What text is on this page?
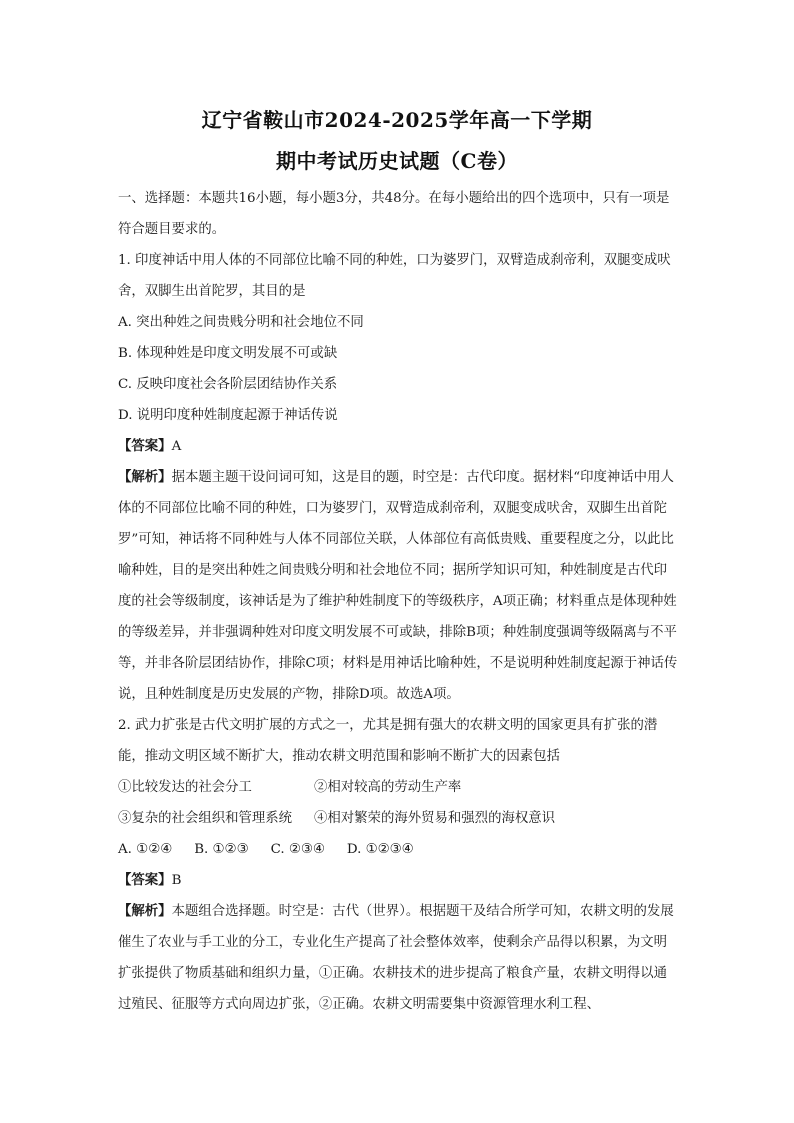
辽宁省鞍山市2024-2025学年高一下学期
期中考试历史试题（C卷）

一、选择题：本题共16小题，每小题3分，共48分。在每小题给出的四个选项中，只有一项是符合题目要求的。

1. 印度神话中用人体的不同部位比喻不同的种姓，口为婆罗门，双臂造成刹帝利，双腿变成吠舍，双脚生出首陀罗，其目的是

A. 突出种姓之间贵贱分明和社会地位不同

B. 体现种姓是印度文明发展不可或缺

C. 反映印度社会各阶层团结协作关系

D. 说明印度种姓制度起源于神话传说

【答案】A

【解析】据本题主题干设问词可知，这是目的题，时空是：古代印度。据材料“印度神话中用人体的不同部位比喻不同的种姓，口为婆罗门，双臂造成刹帝利，双腿变成吠舍，双脚生出首陀罗”可知，神话将不同种姓与人体不同部位关联，人体部位有高低贵贱、重要程度之分，以此比喻种姓，目的是突出种姓之间贵贱分明和社会地位不同；据所学知识可知，种姓制度是古代印度的社会等级制度，该神话是为了维护种姓制度下的等级秩序，A项正确；材料重点是体现种姓的等级差异，并非强调种姓对印度文明发展不可或缺，排除B项；种姓制度强调等级隔离与不平等，并非各阶层团结协作，排除C项；材料是用神话比喻种姓，不是说明种姓制度起源于神话传说，且种姓制度是历史发展的产物，排除D项。故选A项。

2. 武力扩张是古代文明扩展的方式之一，尤其是拥有强大的农耕文明的国家更具有扩张的潜能，推动文明区域不断扩大，推动农耕文明范围和影响不断扩大的因素包括

①比较发达的社会分工	②相对较高的劳动生产率
③复杂的社会组织和管理系统	④相对繁荣的海外贸易和强烈的海权意识
A. ①②④ B. ①②③ C. ②③④ D. ①②③④

【答案】B

【解析】本题组合选择题。时空是：古代（世界）。根据题干及结合所学可知，农耕文明的发展催生了农业与手工业的分工，专业化生产提高了社会整体效率，使剩余产品得以积累，为文明扩张提供了物质基础和组织力量，①正确。农耕技术的进步提高了粮食产量，农耕文明得以通过殖民、征服等方式向周边扩张，②正确。农耕文明需要集中资源管理水利工程、
